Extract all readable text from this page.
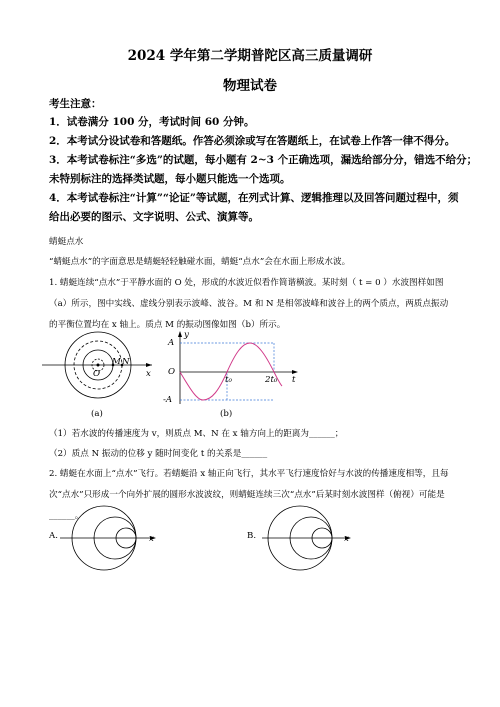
2024 学年第二学期普陀区高三质量调研
物理试卷
考生注意：
1．试卷满分 100 分，考试时间 60 分钟。
2．本考试分设试卷和答题纸。作答必须涂或写在答题纸上，在试卷上作答一律不得分。
3．本考试卷标注“多选”的试题，每小题有 2~3 个正确选项，漏选给部分分，错选不给分；
未特别标注的选择类试题，每小题只能选一个选项。
4．本考试卷标注“计算”“论证”等试题，在列式计算、逻辑推理以及回答问题过程中，须
给出必要的图示、文字说明、公式、演算等。
蜻蜓点水
“蜻蜓点水”的字面意思是蜻蜓轻轻触碰水面，蜻蜓“点水”会在水面上形成水波。
1. 蜻蜓连续“点水”于平静水面的 O 处，形成的水波近似看作简谐横波。某时刻（ t = 0 ）水波图样如图
（a）所示，图中实线、虚线分别表示波峰、波谷。M 和 N 是相邻波峰和波谷上的两个质点，两质点振动
的平衡位置均在 x 轴上。质点 M 的振动图像如图（b）所示。
M N
O	x
(a)
y
A
O
-A
t₀	2t₀ t
(b)
（1）若水波的传播速度为 v，则质点 M、N 在 x 轴方向上的距离为______；
（2）质点 N 振动的位移 y 随时间变化 t 的关系是______
2. 蜻蜓在水面上“点水”飞行。若蜻蜓沿 x 轴正向飞行，其水平飞行速度恰好与水波的传播速度相等，且每
次“点水”只形成一个向外扩展的圆形水波波纹，则蜻蜓连续三次“点水”后某时刻水波图样（俯视）可能是
______。
A.	x	B.	x
